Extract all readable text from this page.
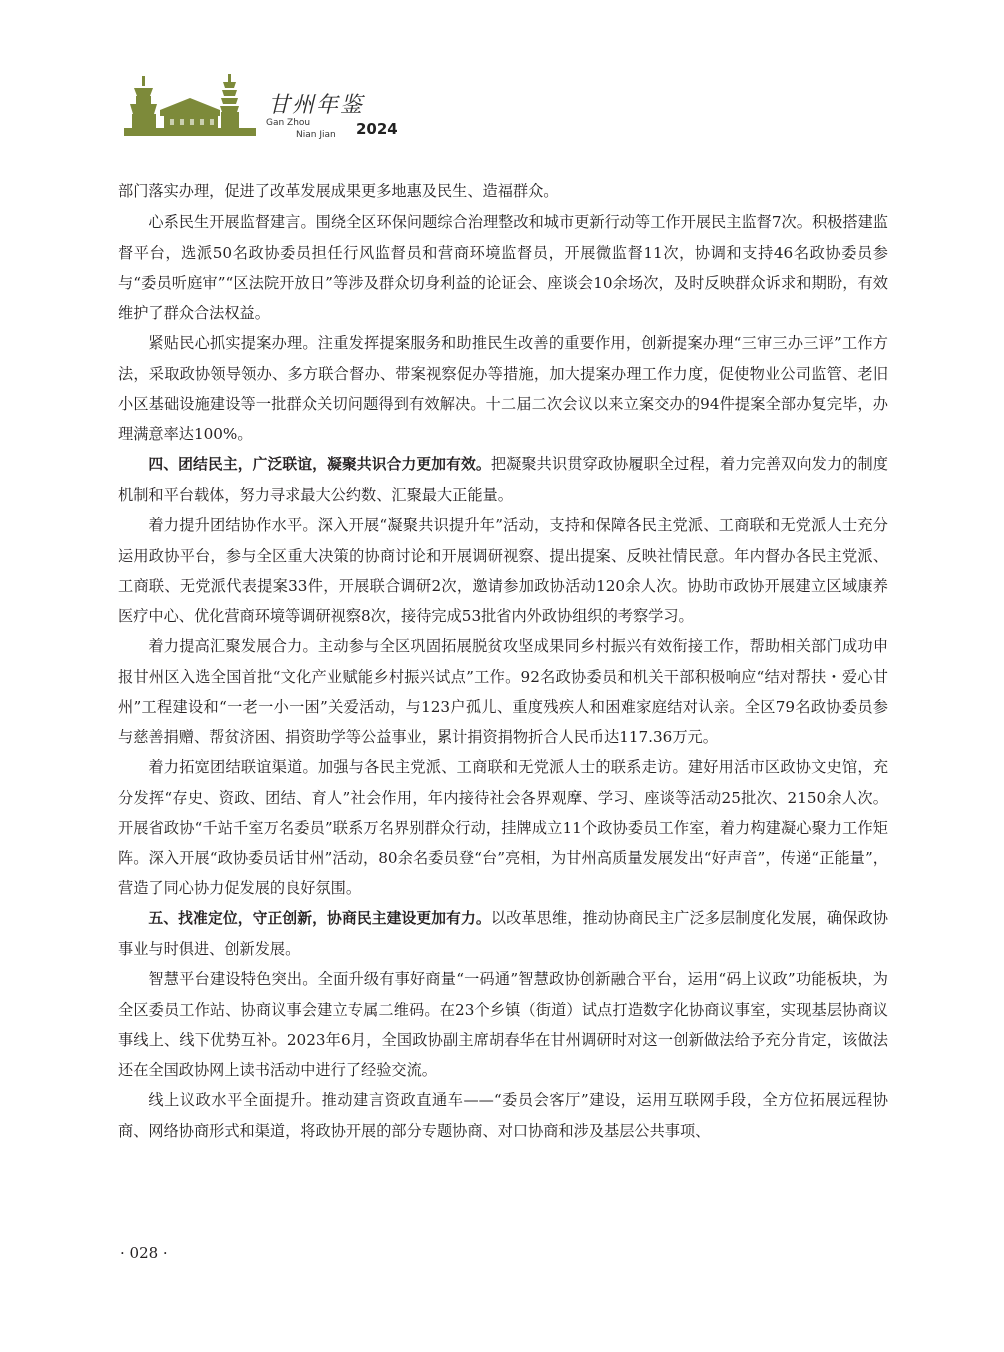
甘州年鉴
Gan Zhou
Nian Jian 2024

部门落实办理，促进了改革发展成果更多地惠及民生、造福群众。

心系民生开展监督建言。围绕全区环保问题综合治理整改和城市更新行动等工作开展民主监督7次。积极搭建监督平台，选派50名政协委员担任行风监督员和营商环境监督员，开展微监督11次，协调和支持46名政协委员参与“委员听庭审”“区法院开放日”等涉及群众切身利益的论证会、座谈会10余场次，及时反映群众诉求和期盼，有效维护了群众合法权益。

紧贴民心抓实提案办理。注重发挥提案服务和助推民生改善的重要作用，创新提案办理“三审三办三评”工作方法，采取政协领导领办、多方联合督办、带案视察促办等措施，加大提案办理工作力度，促使物业公司监管、老旧小区基础设施建设等一批群众关切问题得到有效解决。十二届二次会议以来立案交办的94件提案全部办复完毕，办理满意率达100%。

四、团结民主，广泛联谊，凝聚共识合力更加有效。把凝聚共识贯穿政协履职全过程，着力完善双向发力的制度机制和平台载体，努力寻求最大公约数、汇聚最大正能量。

着力提升团结协作水平。深入开展“凝聚共识提升年”活动，支持和保障各民主党派、工商联和无党派人士充分运用政协平台，参与全区重大决策的协商讨论和开展调研视察、提出提案、反映社情民意。年内督办各民主党派、工商联、无党派代表提案33件，开展联合调研2次，邀请参加政协活动120余人次。协助市政协开展建立区域康养医疗中心、优化营商环境等调研视察8次，接待完成53批省内外政协组织的考察学习。

着力提高汇聚发展合力。主动参与全区巩固拓展脱贫攻坚成果同乡村振兴有效衔接工作，帮助相关部门成功申报甘州区入选全国首批“文化产业赋能乡村振兴试点”工作。92名政协委员和机关干部积极响应“结对帮扶・爱心甘州”工程建设和“一老一小一困”关爱活动，与123户孤儿、重度残疾人和困难家庭结对认亲。全区79名政协委员参与慈善捐赠、帮贫济困、捐资助学等公益事业，累计捐资捐物折合人民币达117.36万元。

着力拓宽团结联谊渠道。加强与各民主党派、工商联和无党派人士的联系走访。建好用活市区政协文史馆，充分发挥“存史、资政、团结、育人”社会作用，年内接待社会各界观摩、学习、座谈等活动25批次、2150余人次。开展省政协“千站千室万名委员”联系万名界别群众行动，挂牌成立11个政协委员工作室，着力构建凝心聚力工作矩阵。深入开展“政协委员话甘州”活动，80余名委员登“台”亮相，为甘州高质量发展发出“好声音”，传递“正能量”，营造了同心协力促发展的良好氛围。

五、找准定位，守正创新，协商民主建设更加有力。以改革思维，推动协商民主广泛多层制度化发展，确保政协事业与时俱进、创新发展。

智慧平台建设特色突出。全面升级有事好商量“一码通”智慧政协创新融合平台，运用“码上议政”功能板块，为全区委员工作站、协商议事会建立专属二维码。在23个乡镇（街道）试点打造数字化协商议事室，实现基层协商议事线上、线下优势互补。2023年6月，全国政协副主席胡春华在甘州调研时对这一创新做法给予充分肯定，该做法还在全国政协网上读书活动中进行了经验交流。

线上议政水平全面提升。推动建言资政直通车——“委员会客厅”建设，运用互联网手段，全方位拓展远程协商、网络协商形式和渠道，将政协开展的部分专题协商、对口协商和涉及基层公共事项、

· 028 ·
